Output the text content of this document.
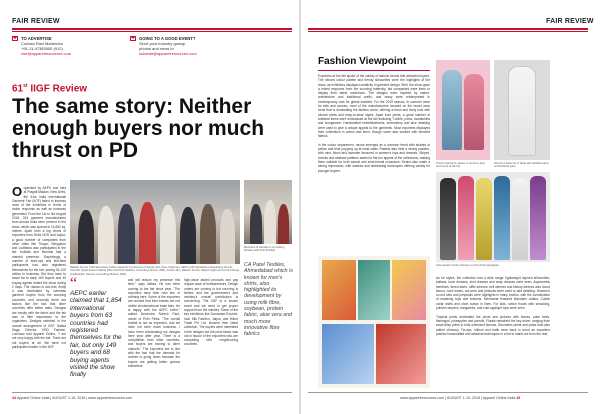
FAIR REVIEW
TO ADVERTISE
Contact Ravi Mahendru
+91-11-47383000 (912)
ravi@apparelresources.com
GOING TO A GOOD EVENT?
Send your industry gossip,
photos and news to
sukanta@apparelresources.com
61st IIGF Review
The same story: Neither enough buyers nor much thrust on PD
O rganised by AEPC and held at Pragati Maidan, New Delhi, the 61st India International Garment Fair (IIGF) failed to impress most of the exhibitors in terms of visitor response as well as business generated. From the 1st to 3rd August 2018, 313 garment manufacturers from across India were present in the show, which was spread in 14,652 sq. metres. Apart from a big chunk of exporters from Delhi NCR and Jaipur, a good number of companies from other cities like Tirupur, Bengaluru and Ludhiana also participated in the fair. Kolkata and Mumbai had a marked presence. Surprisingly, a number of start-ups and first-time participants had also registered themselves for the fair, seeing 51-100 million in business. But they have to travel far to fairly 169 buyers and 49 buying agents visited the show during 2 days. The reason is two-fold, firstly it was dominated by overseas garment buyers from the sourcing countries, and secondly there are factors like the fact that other countries offer better rates. Designs are mostly with the fabric and the fair was of little importance to the organisers. Designs selected in the overall arrangement of IIGF, Nafisa Saga, Director, HSD Fashion, Lucknow told Apparel Online, "I am not very happy with the fair. There are not buyers at all. We have not participated earlier in the IIGF
Rakesh Kumar, Chief Executive (Indian Apparels in presence of Sanjay Jain (Vice-Chairman, AEPC) with dignitaries inaugurating the fair; Virender Uppal (Fisons Sarfraj Dhar and Pehr Mathani, Consulting Senior, HSD), Ashish Jain, Rakesh Kumar, Rajesh Joghi and Vinod Kukreja (CA/Deloitte, Director Consulting Division (IMI))
Members of Deloitte in Consulting Division with IIGF Exhibits
“
AEPC earlier claimed that 1,854 international buyers from 63 countries had registered themselves for the fair, but only 149 buyers and 68 buying agents visited the show finally
and will reduce my presence this time," says Nafisa. He has been coming to the fair since year. "The exporters have their new line of clothing here. Some of the exporters are worried that their brands are not visible at international trade fairs. He is happy with the AEPC event," added Devendra Suresh Pant, owner of Pehr Pinks. "The overall footfall is not as expected, and we have not seen much business. I have been showcasing my designs here year after year. There is a competition from other countries, and buyers are moving to other markets." The exporters are in line with the fact that the demand for clothes is going down because the buyers are getting better options elsewhere.
high-value added products and pay regular dose of entrepreneurs. Design orders are coming in but sourcing is limited, and the government's and ministry's overall contribution is concerning. The IIGF is a known event and we need to get proper support from the ministry. Some of the key exhibitors like Sundaram Exports, Indo Silk Fashion, Jaipur, and Hilton Trade Pvt Ltd. showed their latest collection. The buyers were interested in the designs but the price factor was not in favour of the exporters who are competing with neighbouring countries.
CA Patel Textiles, Ahmedabad which is known for men's shirts, also highlighted its development by using milk fibre, soybean, protein fabric, aloe vera and much more innovative fibre fabrics
44 Apparel Online India | AUGUST 1-15, 2018 | www.apparelresources.com
FAIR REVIEW
Fashion Viewpoint
Exporters at the fair spoke of the variety of fashion trends that attracted buyers. The vibrant colour palette and trendy silhouettes were the highlights of the show, as exhibitors displayed creativity in garment design. Well, the show gave a mixed response from the sourcing fraternity, but companies were keen to display their latest collections. The designs were inspired by nature, architecture and traditional crafts, and many were reinterpreted in contemporary cuts for global markets. For the 2019 season, in summer wear for kids and women, most of the manufacturers focused on the resort wear trend that is dominating the fashion world, offering a fresh and lively look with vibrant prints and easy-to-wear styles. Apart from prints, a great number of knitwear items were showcased at the fair including T-shirts, polos, sweatshirts and loungewear. Handcrafted embellishments, embroidery and lace detailing were used to give a unique appeal to the garments. Most exporters displayed their collections in cotton and linen, though some also worked with blended fabrics.

In the colour department, neons emerged as a common trend with shades of yellow and blue popping up at most stalls. Pastels also held a strong position, with mint, blush and lavender favoured in women's tops and dresses. Stripes, checks and abstract patterns added to the fun appeal of the collections, making them suitable for both casual and semi-formal occasions. Denim also made a strong impression, with washes and distressing techniques offering variety for younger buyers.
Prints inspired by nature in women's tops and tunics at the fair
Women's kurta set in white with delicate hand-embroidered yoke
Indo-western fusion dresses in soft printed georgette
As for styles, the collection had a wide range: lightweight layered silhouettes, kaftans, tunic dresses, shirt dresses and wrap dresses were seen. Asymmetric hemlines, tiered skirts, ruffle sleeves, bell sleeves and bishop sleeves also found favour. Lace insets, cut-work and pintucks were used to add detailing. Women's co-ord sets and jumpsuits were highlights in many booths, with the combination of matching tops and bottoms. Menswear featured Mandarin collars, Cuban collar shirts and short kurtas in linen. For kids, cotton frocks with smocking, printed rompers, dungarees, and cute appliqué tops were seen.

Tropical prints dominated the prints and pictures with leaves, palm trees, flamingos, pineapples and parrots. Florals remained the key driver, ranging from small ditsy prints to bold oversized blooms. Geometric prints and polka dots also added vibrancy. Tie-dye, shibori and batik were back in trend as exporters pushed handcrafted and artisanal techniques in a bid to stand out from the rest.
www.apparelresources.com | AUGUST 1-15, 2018 | Apparel Online India 45
